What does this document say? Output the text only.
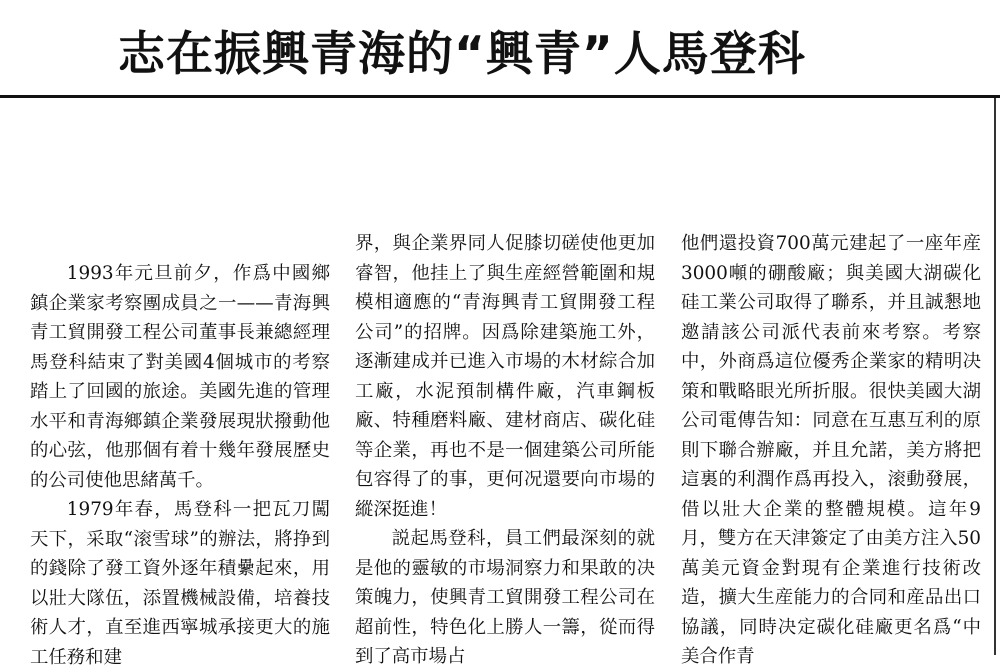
志在振興青海的“興青”人馬登科

1993年元旦前夕，作爲中國鄉鎮企業家考察團成員之一——青海興青工貿開發工程公司董事長兼總經理馬登科結束了對美國4個城市的考察踏上了回國的旅途。美國先進的管理水平和青海鄉鎮企業發展現狀撥動他的心弦，他那個有着十幾年發展歷史的公司使他思緒萬千。

1979年春，馬登科一把瓦刀闖天下，采取“滚雪球”的辦法，將挣到的錢除了發工資外逐年積纍起來，用以壯大隊伍，添置機械設備，培養技術人才，直至進西寧城承接更大的施工任務和建

界，與企業界同人促膝切磋使他更加睿智，他挂上了與生産經營範圍和規模相適應的“青海興青工貿開發工程公司”的招牌。因爲除建築施工外，逐漸建成并已進入市場的木材綜合加工廠，水泥預制構件廠，汽車鋼板廠、特種磨料廠、建材商店、碳化硅等企業，再也不是一個建築公司所能包容得了的事，更何况還要向市場的縱深挺進！

説起馬登科，員工們最深刻的就是他的靈敏的市場洞察力和果敢的决策魄力，使興青工貿開發工程公司在超前性，特色化上勝人一籌，從而得到了高市場占

他們還投資700萬元建起了一座年産3000噸的硼酸廠；與美國大湖碳化硅工業公司取得了聯系，并且誠懇地邀請該公司派代表前來考察。考察中，外商爲這位優秀企業家的精明决策和戰略眼光所折服。很快美國大湖公司電傳告知：同意在互惠互利的原則下聯合辦廠，并且允諾，美方將把這裏的利潤作爲再投入，滚動發展，借以壯大企業的整體規模。這年9月，雙方在天津簽定了由美方注入50萬美元資金對現有企業進行技術改造，擴大生産能力的合同和産品出口協議，同時决定碳化硅廠更名爲“中美合作青
